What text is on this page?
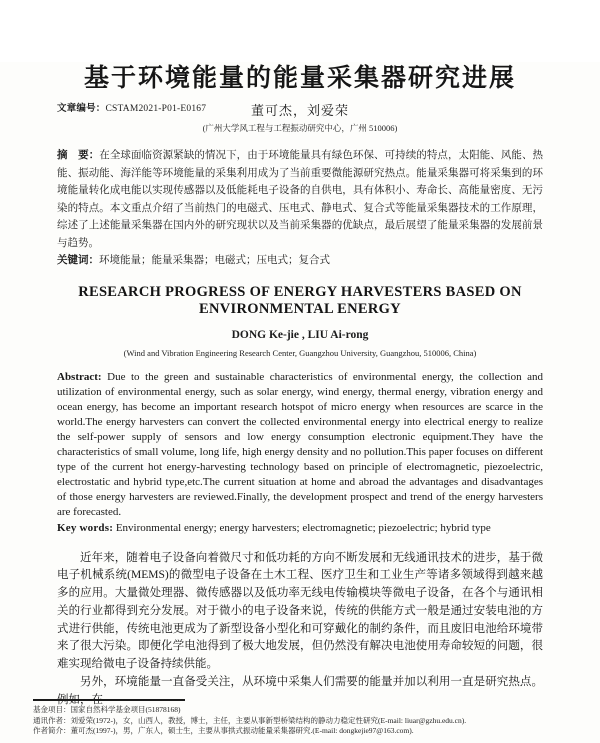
文章编号：CSTAM2021-P01-E0167
基于环境能量的能量采集器研究进展
董可杰，刘爱荣
(广州大学风工程与工程振动研究中心，广州 510006)

摘　要：在全球面临资源紧缺的情况下，由于环境能量具有绿色环保、可持续的特点，太阳能、风能、热能、振动能、海洋能等环境能量的采集利用成为了当前重要微能源研究热点。能量采集器可将采集到的环境能量转化成电能以实现传感器以及低能耗电子设备的自供电，具有体积小、寿命长、高能量密度、无污染的特点。本文重点介绍了当前热门的电磁式、压电式、静电式、复合式等能量采集器技术的工作原理，综述了上述能量采集器在国内外的研究现状以及当前采集器的优缺点，最后展望了能量采集器的发展前景与趋势。

关键词：环境能量；能量采集器；电磁式；压电式；复合式

RESEARCH PROGRESS OF ENERGY HARVESTERS BASED ON ENVIRONMENTAL ENERGY
DONG Ke-jie , LIU Ai-rong
(Wind and Vibration Engineering Research Center, Guangzhou University, Guangzhou, 510006, China)

Abstract: Due to the green and sustainable characteristics of environmental energy, the collection and utilization of environmental energy, such as solar energy, wind energy, thermal energy, vibration energy and ocean energy, has become an important research hotspot of micro energy when resources are scarce in the world.The energy harvesters can convert the collected environmental energy into electrical energy to realize the self-power supply of sensors and low energy consumption electronic equipment.They have the characteristics of small volume, long life, high energy density and no pollution.This paper focuses on different type of the current hot energy-harvesting technology based on principle of electromagnetic, piezoelectric, electrostatic and hybrid type,etc.The current situation at home and abroad the advantages and disadvantages of those energy harvesters are reviewed.Finally, the development prospect and trend of the energy harvesters are forecasted.

Key words: Environmental energy; energy harvesters; electromagnetic; piezoelectric; hybrid type

近年来，随着电子设备向着微尺寸和低功耗的方向不断发展和无线通讯技术的进步，基于微电子机械系统(MEMS)的微型电子设备在土木工程、医疗卫生和工业生产等诸多领域得到越来越多的应用。大量微处理器、微传感器以及低功率无线电传输模块等微电子设备，在各个与通讯相关的行业都得到充分发展。对于微小的电子设备来说，传统的供能方式一般是通过安装电池的方式进行供能，传统电池更成为了新型设备小型化和可穿戴化的制约条件，而且废旧电池给环境带来了很大污染。即便化学电池得到了极大地发展，但仍然没有解决电池使用寿命较短的问题，很难实现给微电子设备持续供能。

另外，环境能量一直备受关注，从环境中采集人们需要的能量并加以利用一直是研究热点。

基金项目：国家自然科学基金项目(51878168)
通讯作者：刘爱荣(1972-)，女，山西人，教授，博士，主任，主要从事新型桥梁结构的静动力稳定性研究(E-mail: liuar@gzhu.edu.cn).
作者简介：董可杰(1997-)，男，广东人，硕士生，主要从事拱式振动能量采集器研究.(E-mail: dongkejie97@163.com).
